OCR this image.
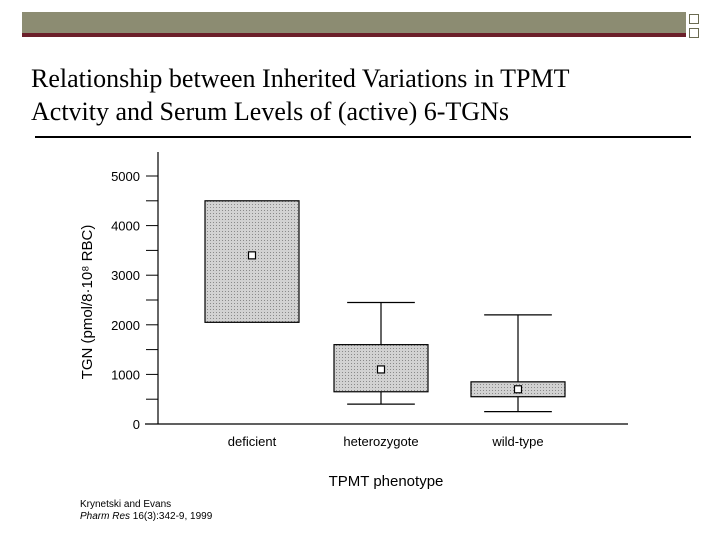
Relationship between Inherited Variations in TPMT
Actvity and Serum Levels of (active) 6-TGNs
0
1000
2000
3000
4000
5000
deficient	heterozygote	wild-type
TPMT phenotype
TGN (pmol/8·10⁸ RBC)
Krynetski and Evans
Pharm Res 16(3):342-9, 1999
